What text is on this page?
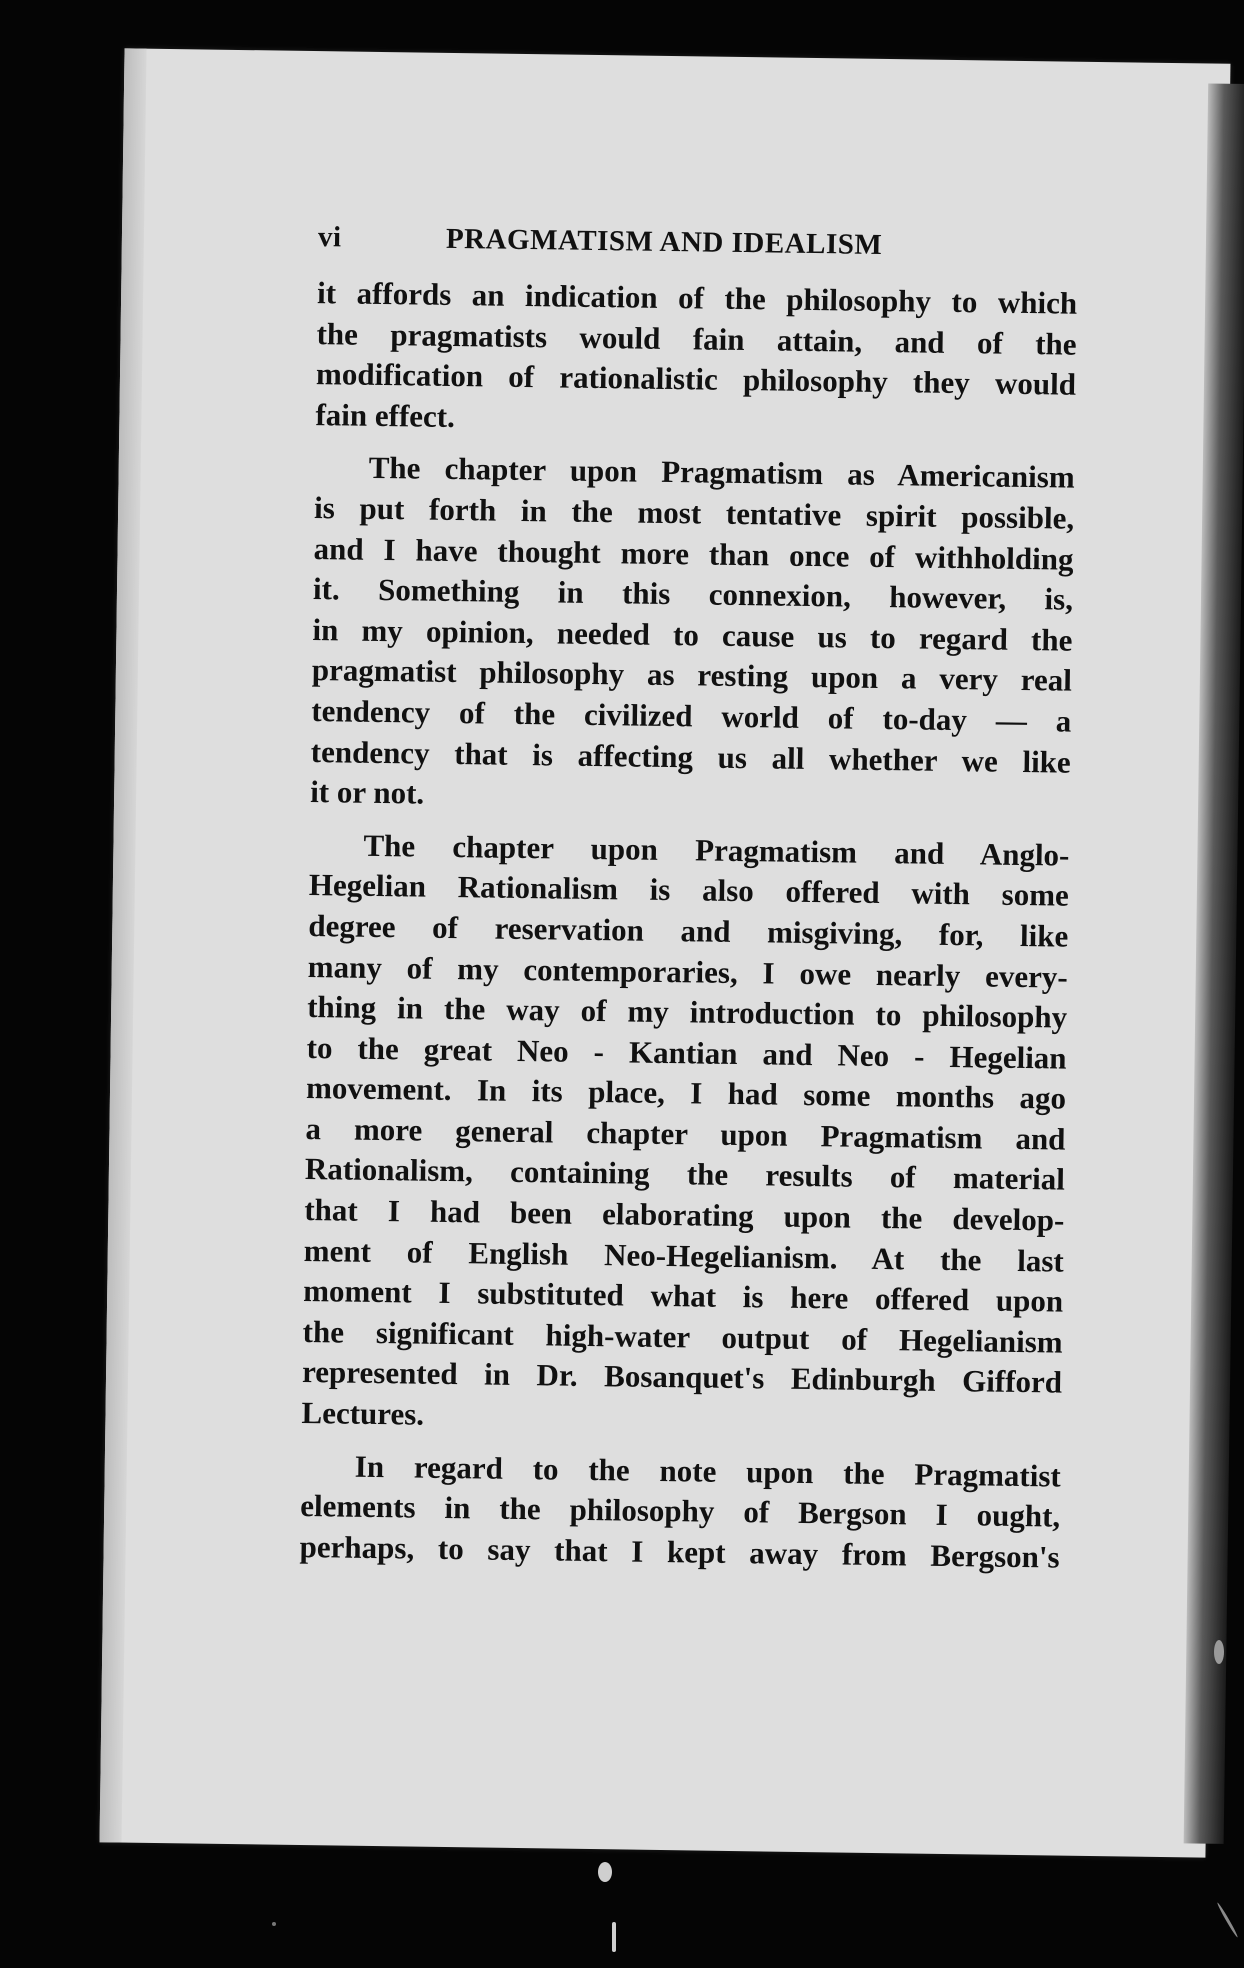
vi	PRAGMATISM AND IDEALISM

it affords an indication of the philosophy to which
the pragmatists would fain attain, and of the
modification of rationalistic philosophy they would
fain effect.

The chapter upon Pragmatism as Americanism
is put forth in the most tentative spirit possible,
and I have thought more than once of withholding
it. Something in this connexion, however, is,
in my opinion, needed to cause us to regard the
pragmatist philosophy as resting upon a very real
tendency of the civilized world of to-day — a
tendency that is affecting us all whether we like
it or not.

The chapter upon Pragmatism and Anglo-
Hegelian Rationalism is also offered with some
degree of reservation and misgiving, for, like
many of my contemporaries, I owe nearly every-
thing in the way of my introduction to philosophy
to the great Neo - Kantian and Neo - Hegelian
movement. In its place, I had some months ago
a more general chapter upon Pragmatism and
Rationalism, containing the results of material
that I had been elaborating upon the develop-
ment of English Neo-Hegelianism. At the last
moment I substituted what is here offered upon
the significant high-water output of Hegelianism
represented in Dr. Bosanquet's Edinburgh Gifford
Lectures.

In regard to the note upon the Pragmatist
elements in the philosophy of Bergson I ought,
perhaps, to say that I kept away from Bergson's
